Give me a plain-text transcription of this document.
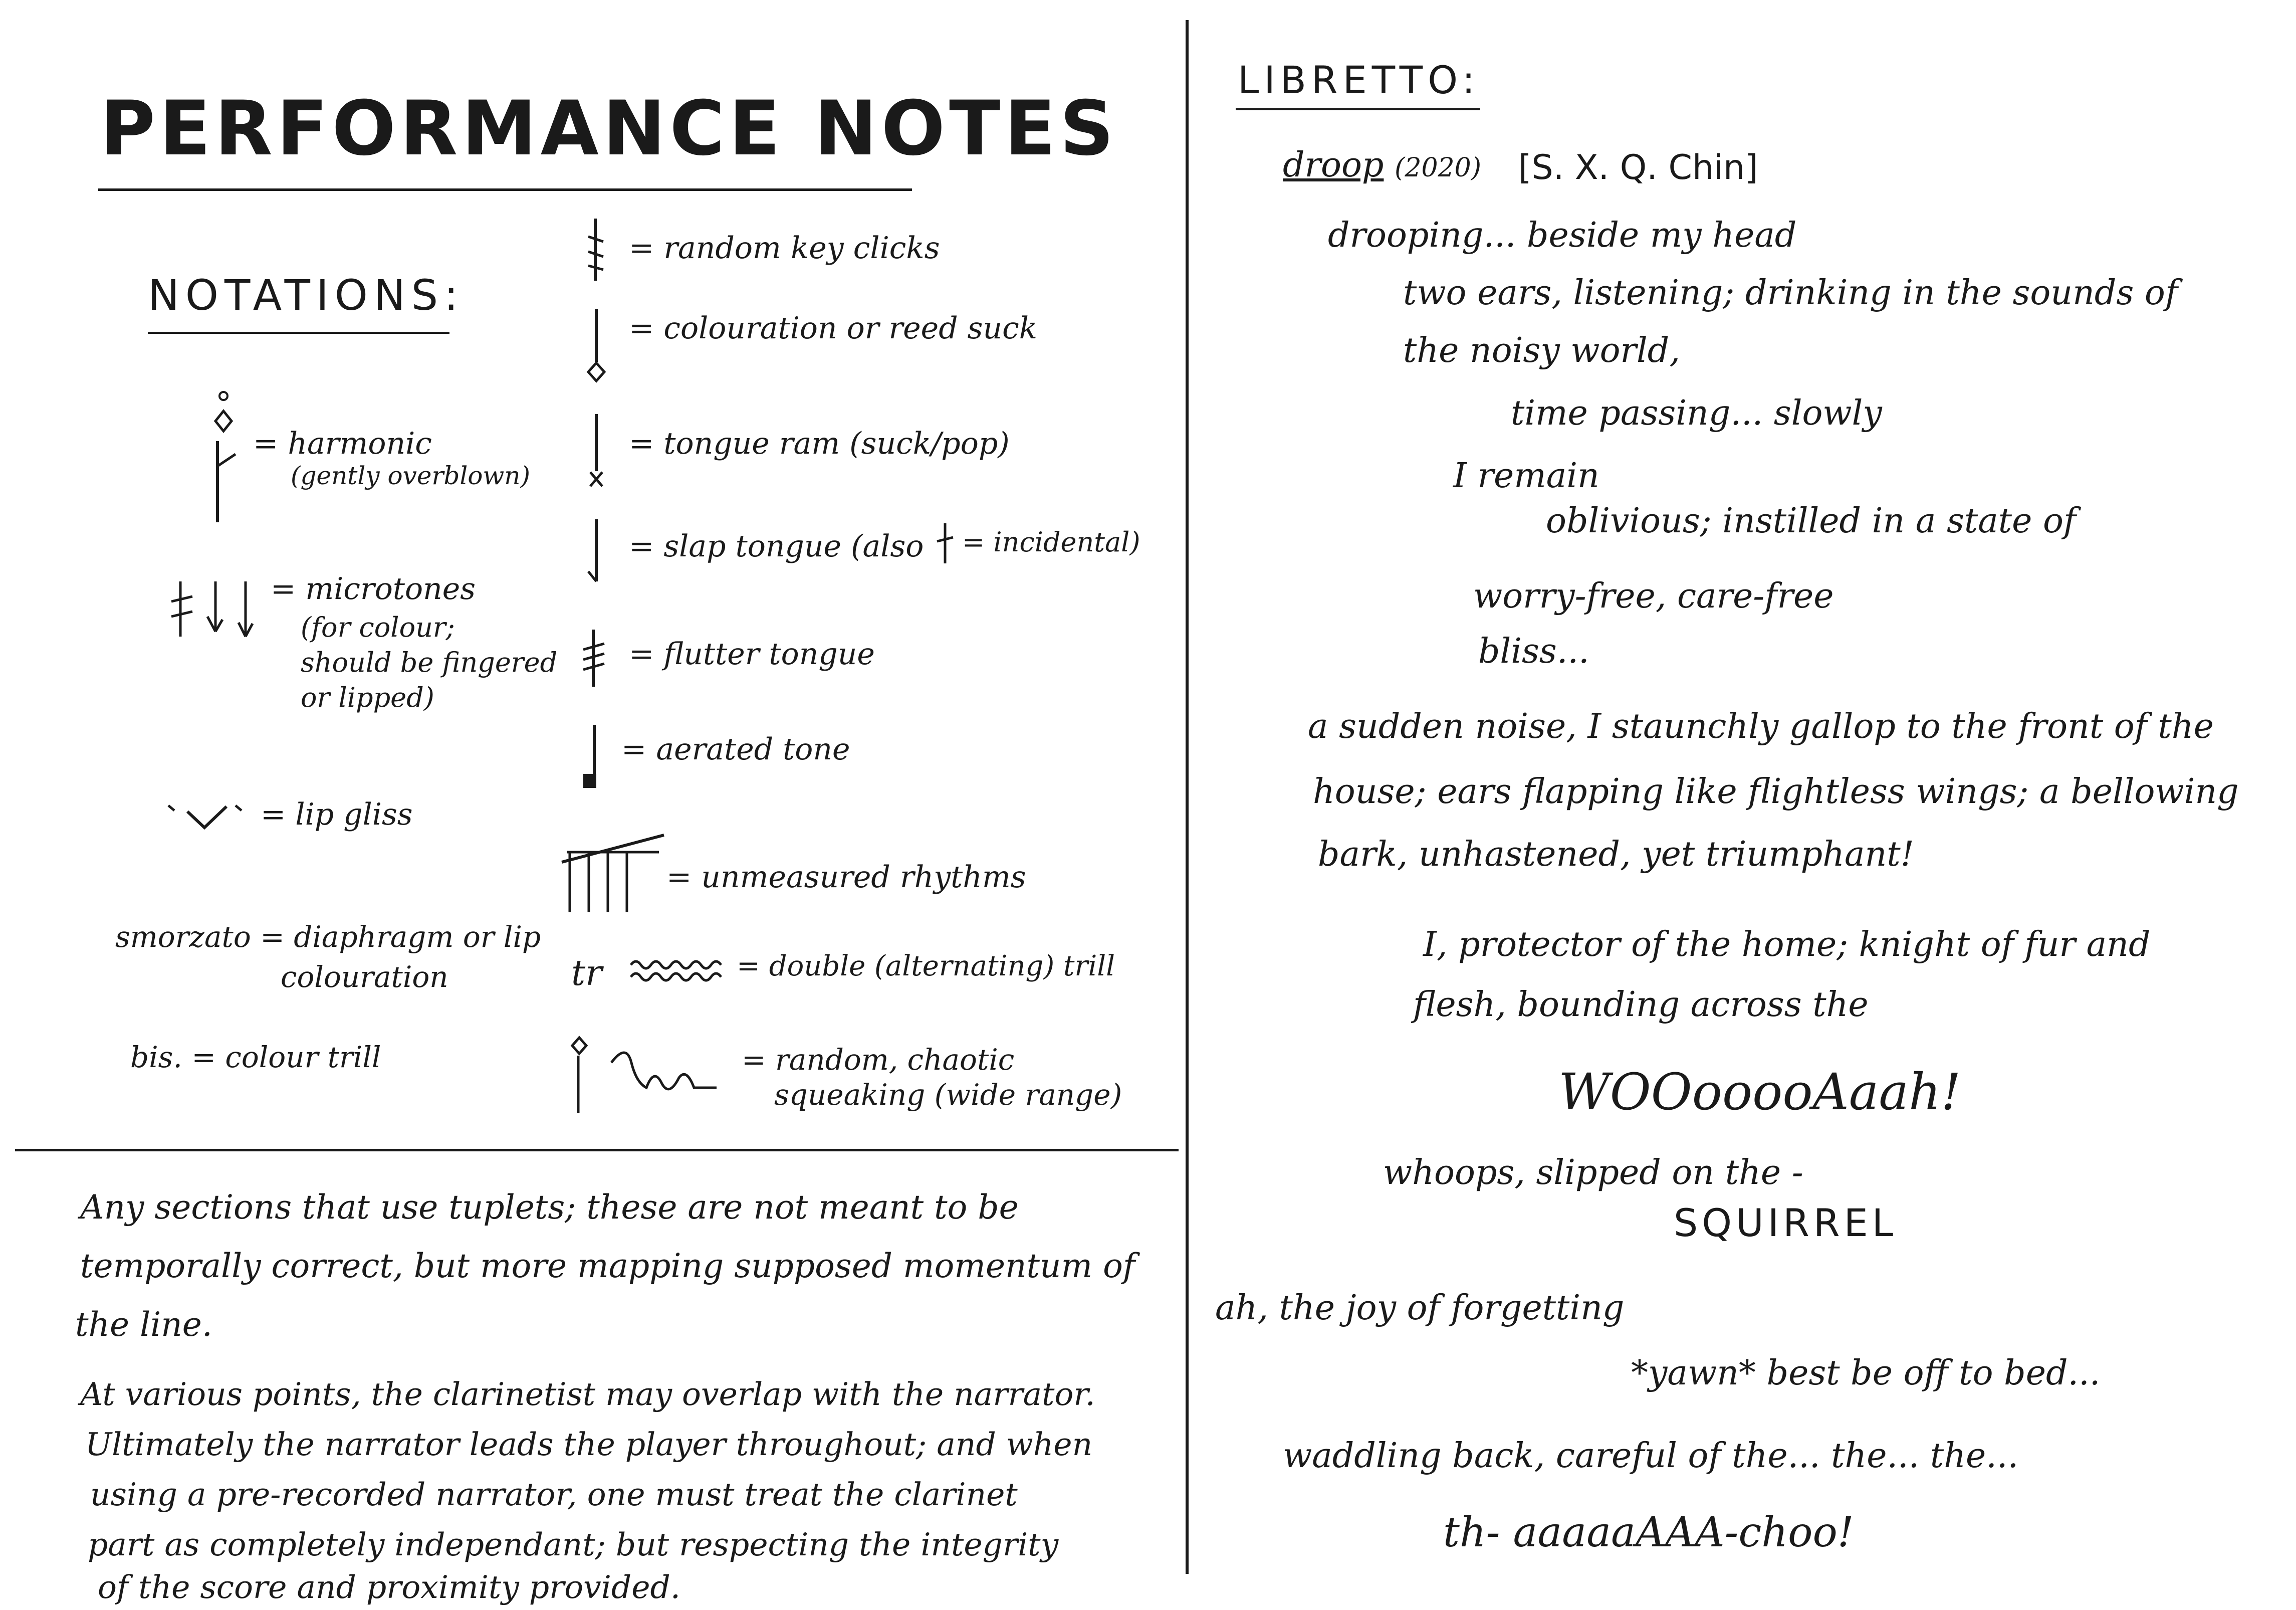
PERFORMANCE NOTES
NOTATIONS:
= harmonic
(gently overblown)
= microtones
(for colour;
should be fingered
or lipped)
= lip gliss
smorzato = diaphragm or lip
colouration
bis. = colour trill
= random key clicks
= colouration or reed suck
= tongue ram (suck/pop)
= slap tongue (also = incidental)
= flutter tongue
= aerated tone
= unmeasured rhythms
tr	= double (alternating) trill
= random, chaotic
squeaking (wide range)
Any sections that use tuplets; these are not meant to be
temporally correct, but more mapping supposed momentum of
the line.
At various points, the clarinetist may overlap with the narrator.
Ultimately the narrator leads the player throughout; and when
using a pre-recorded narrator, one must treat the clarinet
part as completely independant; but respecting the integrity
of the score and proximity provided.
LIBRETTO:
droop (2020) [S. X. Q. Chin]
drooping... beside my head
two ears, listening; drinking in the sounds of
the noisy world,
time passing... slowly
I remain
oblivious; instilled in a state of
worry-free, care-free
bliss...
a sudden noise, I staunchly gallop to the front of the
house; ears flapping like flightless wings; a bellowing
bark, unhastened, yet triumphant!
I, protector of the home; knight of fur and
flesh, bounding across the
WOOooooAaah!
whoops, slipped on the -
SQUIRREL
ah, the joy of forgetting
*yawn* best be off to bed...
waddling back, careful of the... the... the...
th- aaaaaAAA-choo!
